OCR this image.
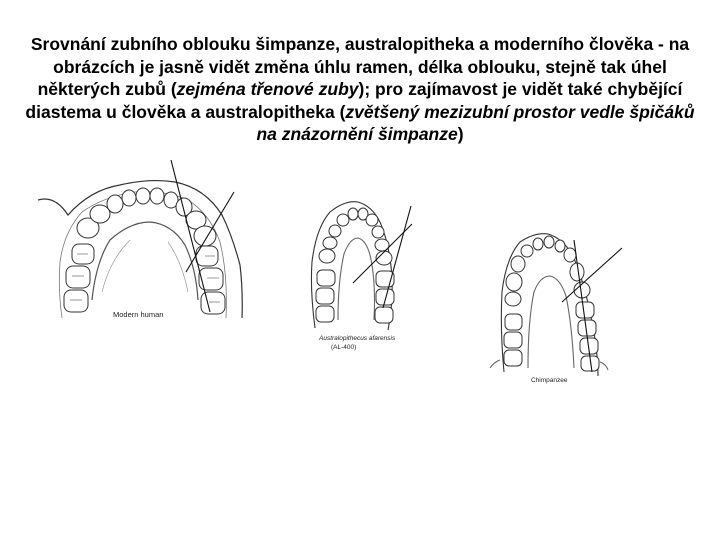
Srovnání zubního oblouku šimpanze, australopitheka a moderního člověka - na obrázcích je jasně vidět změna úhlu ramen, délka oblouku, stejně tak úhel některých zubů (zejména třenové zuby); pro zajímavost je vidět také chybějící diastema u člověka a australopitheka (zvětšený mezizubní prostor vedle špičáků na znázornění šimpanze)
Modern human
Australopithecus afarensis
(AL-400)
Chimpanzee
